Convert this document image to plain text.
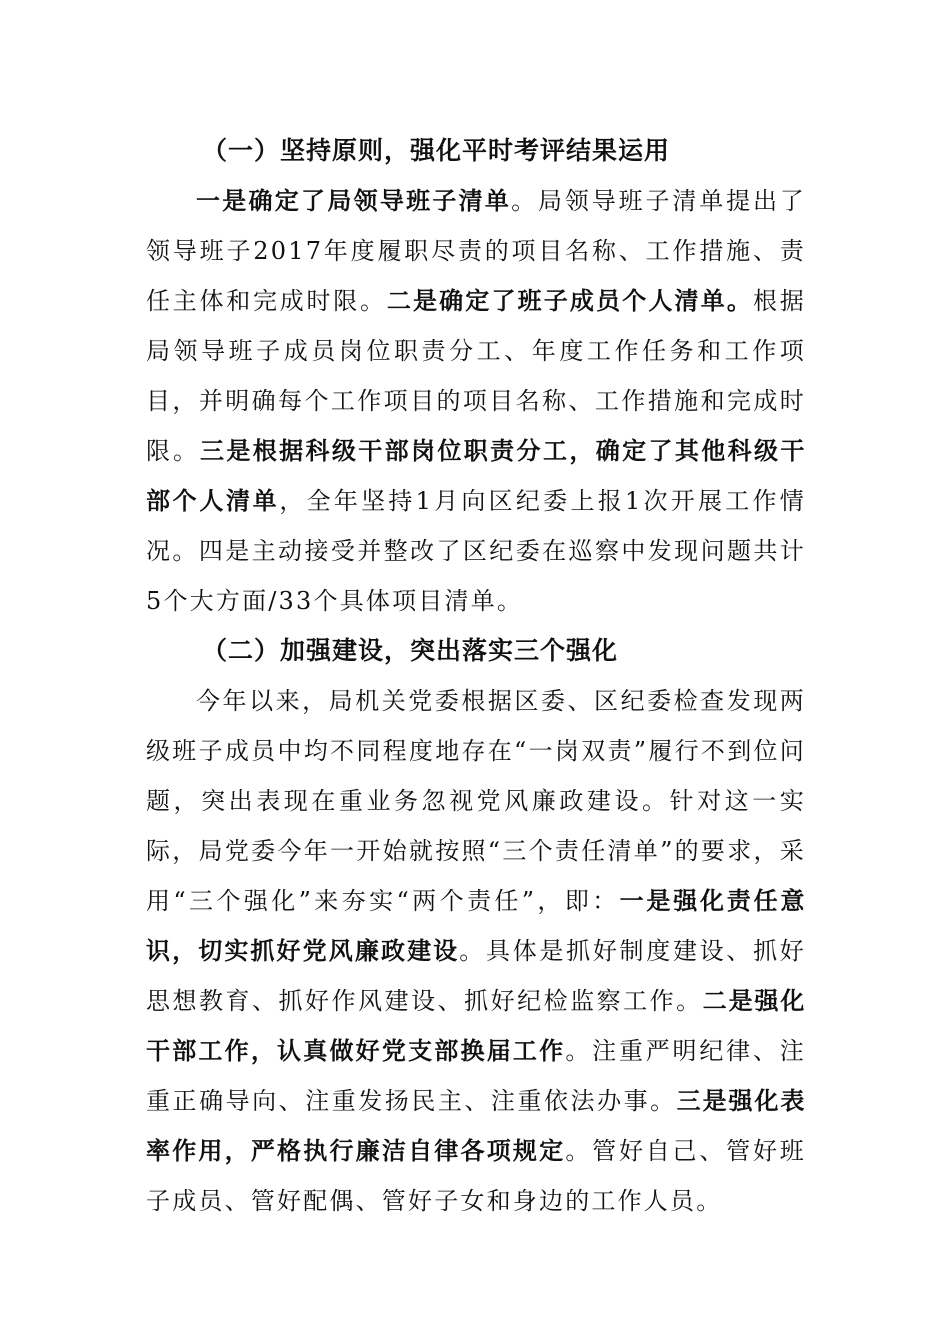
（一）坚持原则，强化平时考评结果运用

一是确定了局领导班子清单。局领导班子清单提出了领导班子2017年度履职尽责的项目名称、工作措施、责任主体和完成时限。二是确定了班子成员个人清单。根据局领导班子成员岗位职责分工、年度工作任务和工作项目，并明确每个工作项目的项目名称、工作措施和完成时限。三是根据科级干部岗位职责分工，确定了其他科级干部个人清单，全年坚持1月向区纪委上报1次开展工作情况。四是主动接受并整改了区纪委在巡察中发现问题共计5个大方面/33个具体项目清单。

（二）加强建设，突出落实三个强化

今年以来，局机关党委根据区委、区纪委检查发现两级班子成员中均不同程度地存在“一岗双责”履行不到位问题，突出表现在重业务忽视党风廉政建设。针对这一实际，局党委今年一开始就按照“三个责任清单”的要求，采用“三个强化”来夯实“两个责任”，即：一是强化责任意识，切实抓好党风廉政建设。具体是抓好制度建设、抓好思想教育、抓好作风建设、抓好纪检监察工作。二是强化干部工作，认真做好党支部换届工作。注重严明纪律、注重正确导向、注重发扬民主、注重依法办事。三是强化表率作用，严格执行廉洁自律各项规定。管好自己、管好班子成员、管好配偶、管好子女和身边的工作人员。
